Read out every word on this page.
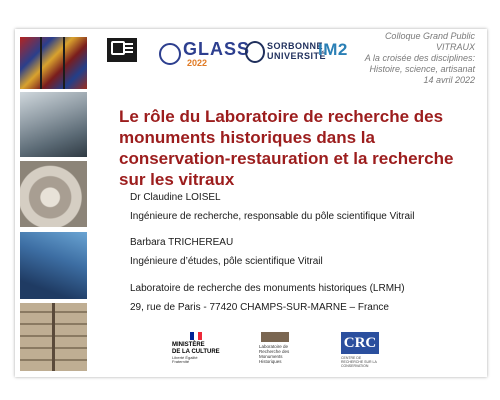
GLASS
2022
SORBONNE
UNIVERSITÉ
IM2
Colloque Grand Public
VITRAUX
A la croisée des disciplines:
Histoire, science, artisanat
14 avril 2022
Le rôle du Laboratoire de recherche des monuments historiques dans la conservation-restauration et la recherche sur les vitraux
Dr Claudine LOISEL
Ingénieure de recherche, responsable du pôle scientifique Vitrail
Barbara TRICHEREAU
Ingénieure d’études, pôle scientifique Vitrail
Laboratoire de recherche des monuments historiques (LRMH)
29, rue de Paris - 77420 CHAMPS-SUR-MARNE – France
MINISTÈRE
DE LA CULTURE
Liberté Égalité Fraternité
Laboratoire de Recherche des Monuments Historiques
CRC
CENTRE DE RECHERCHE SUR LA CONSERVATION
